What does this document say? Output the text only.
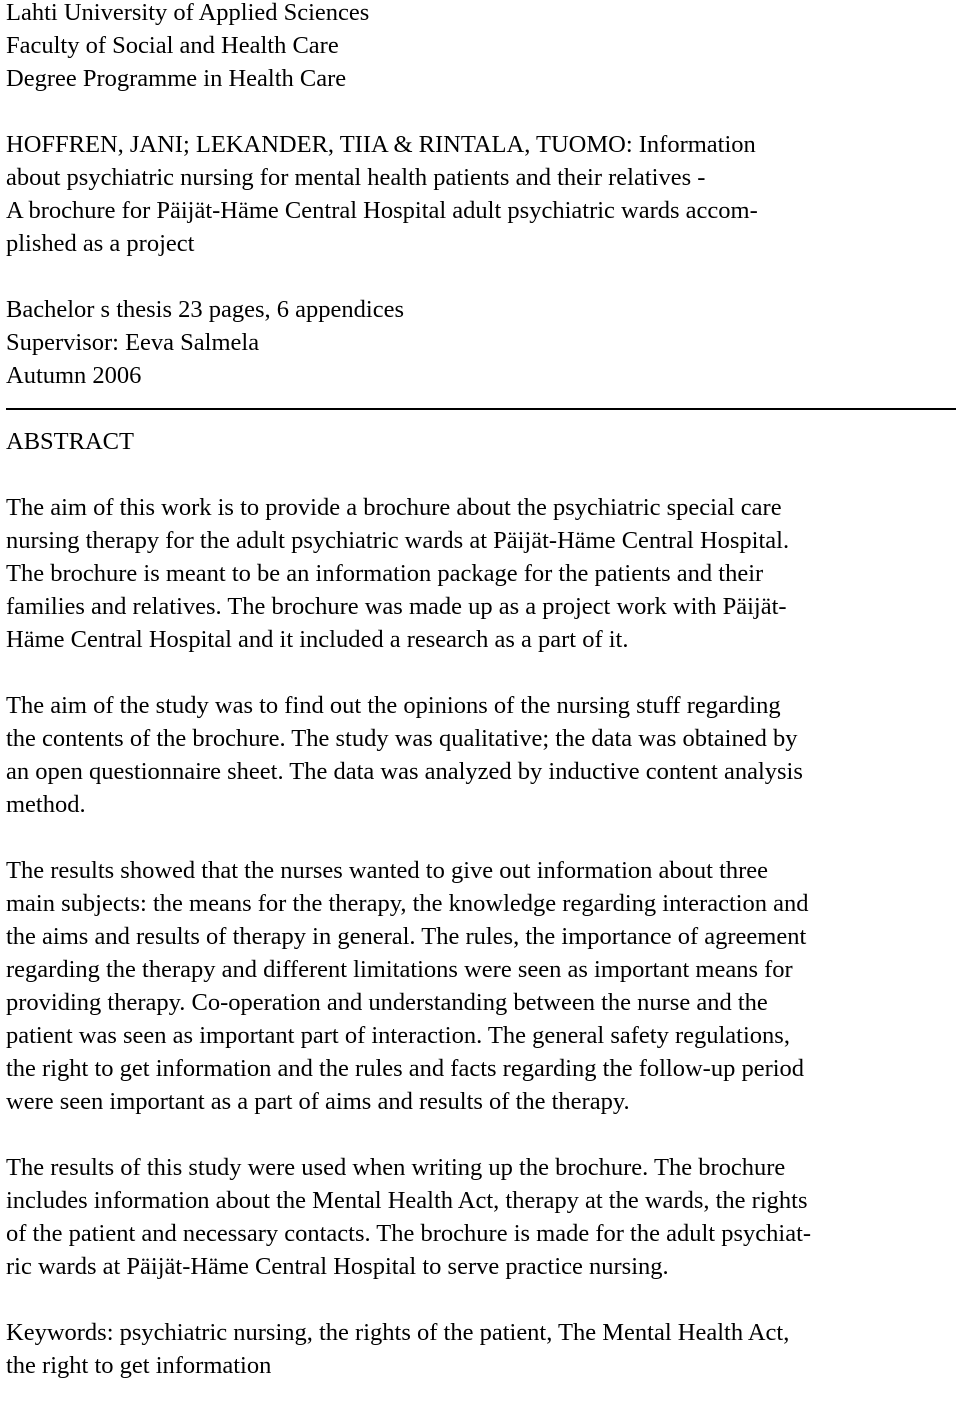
Lahti University of Applied Sciences
Faculty of Social and Health Care
Degree Programme in Health Care
HOFFREN, JANI; LEKANDER, TIIA & RINTALA, TUOMO: Information
about psychiatric nursing for mental health patients and their relatives -
A brochure for Päijät-Häme Central Hospital adult psychiatric wards accom-
plished as a project
Bachelor s thesis 23 pages, 6 appendices
Supervisor: Eeva Salmela
Autumn 2006
ABSTRACT
The aim of this work is to provide a brochure about the psychiatric special care
nursing therapy for the adult psychiatric wards at Päijät-Häme Central Hospital.
The brochure is meant to be an information package for the patients and their
families and relatives. The brochure was made up as a project work with Päijät-
Häme Central Hospital and it included a research as a part of it.
The aim of the study was to find out the opinions of the nursing stuff regarding
the contents of the brochure. The study was qualitative; the data was obtained by
an open questionnaire sheet. The data was analyzed by inductive content analysis
method.
The results showed that the nurses wanted to give out information about three
main subjects: the means for the therapy, the knowledge regarding interaction and
the aims and results of therapy in general. The rules, the importance of agreement
regarding the therapy and different limitations were seen as important means for
providing therapy. Co-operation and understanding between the nurse and the
patient was seen as important part of interaction. The general safety regulations,
the right to get information and the rules and facts regarding the follow-up period
were seen important as a part of aims and results of the therapy.
The results of this study were used when writing up the brochure. The brochure
includes information about the Mental Health Act, therapy at the wards, the rights
of the patient and necessary contacts. The brochure is made for the adult psychiat-
ric wards at Päijät-Häme Central Hospital to serve practice nursing.
Keywords: psychiatric nursing, the rights of the patient, The Mental Health Act,
the right to get information
